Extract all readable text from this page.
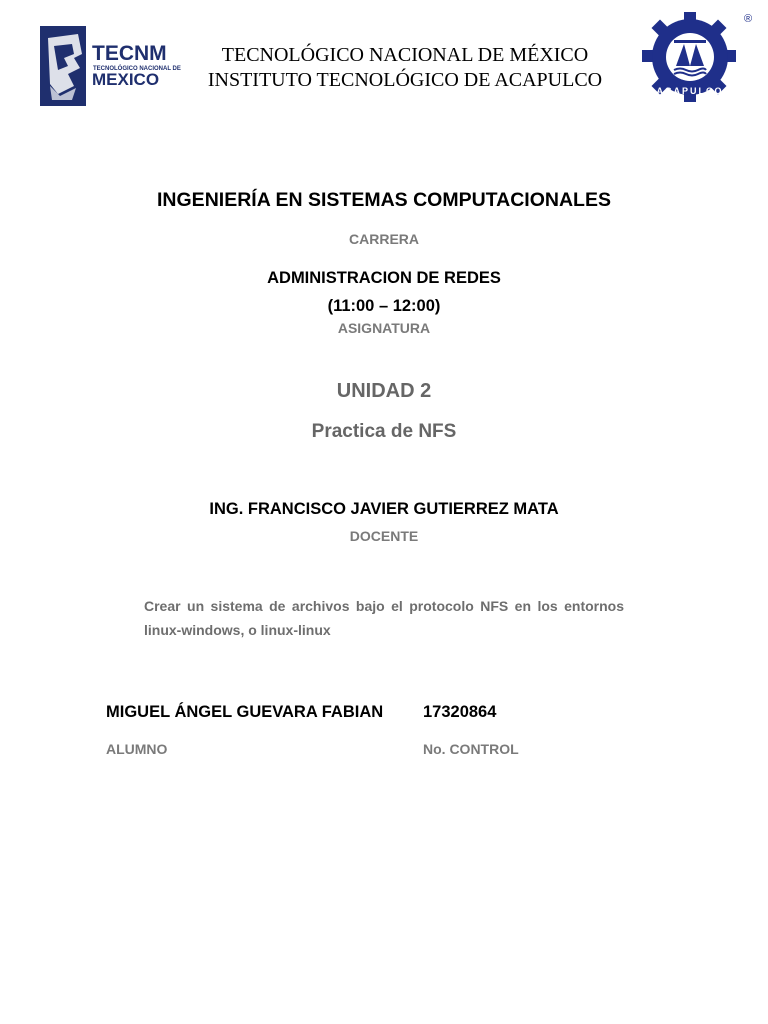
TECNM
TECNOLÓGICO NACIONAL DE
MEXICO
TECNOLÓGICO NACIONAL DE MÉXICO
INSTITUTO TECNOLÓGICO DE ACAPULCO
®
ACAPULCO
INGENIERÍA EN SISTEMAS COMPUTACIONALES
CARRERA
ADMINISTRACION DE REDES
(11:00 – 12:00)
ASIGNATURA
UNIDAD 2
Practica de NFS
ING. FRANCISCO JAVIER GUTIERREZ MATA
DOCENTE
Crear un sistema de archivos bajo el protocolo NFS en los entornos linux-windows, o linux-linux
MIGUEL ÁNGEL GUEVARA FABIAN 17320864
ALUMNO	No. CONTROL
